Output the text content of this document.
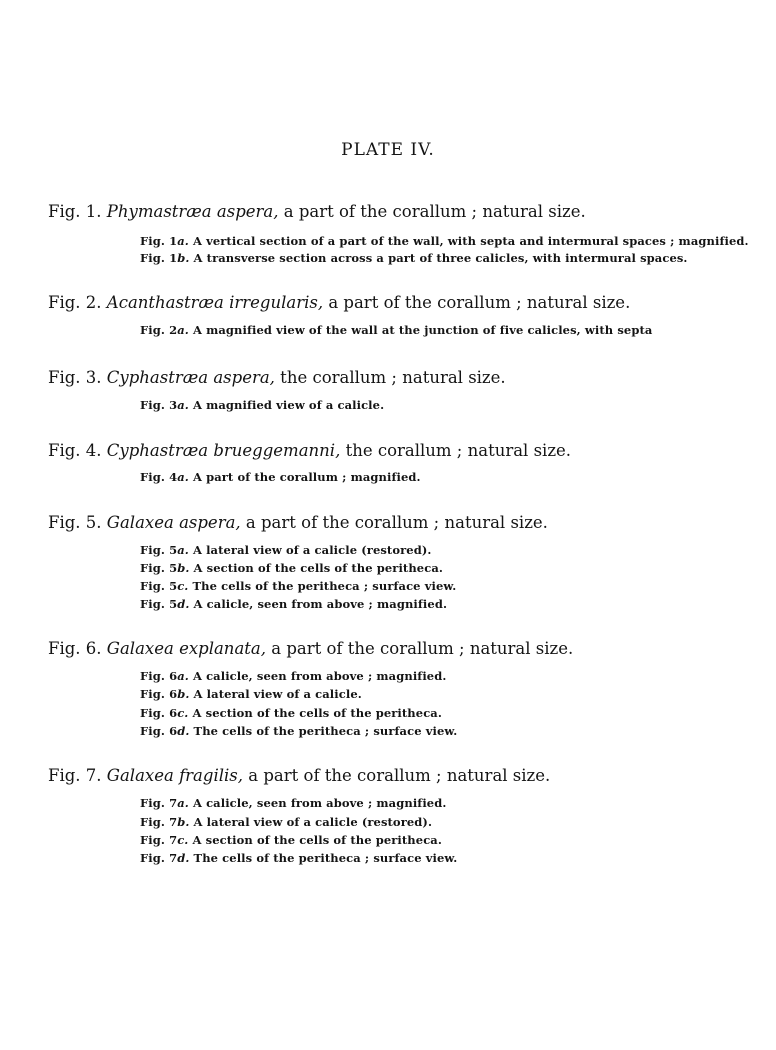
PLATE IV.
Fig. 1. Phymastræa aspera, a part of the corallum ; natural size.
Fig. 1a. A vertical section of a part of the wall, with septa and intermural spaces ; magnified.
Fig. 1b. A transverse section across a part of three calicles, with intermural spaces.
Fig. 2. Acanthastræa irregularis, a part of the corallum ; natural size.
Fig. 2a. A magnified view of the wall at the junction of five calicles, with septa
Fig. 3. Cyphastræa aspera, the corallum ; natural size.
Fig. 3a. A magnified view of a calicle.
Fig. 4. Cyphastræa brueggemanni, the corallum ; natural size.
Fig. 4a. A part of the corallum ; magnified.
Fig. 5. Galaxea aspera, a part of the corallum ; natural size.
Fig. 5a. A lateral view of a calicle (restored).
Fig. 5b. A section of the cells of the peritheca.
Fig. 5c. The cells of the peritheca ; surface view.
Fig. 5d. A calicle, seen from above ; magnified.
Fig. 6. Galaxea explanata, a part of the corallum ; natural size.
Fig. 6a. A calicle, seen from above ; magnified.
Fig. 6b. A lateral view of a calicle.
Fig. 6c. A section of the cells of the peritheca.
Fig. 6d. The cells of the peritheca ; surface view.
Fig. 7. Galaxea fragilis, a part of the corallum ; natural size.
Fig. 7a. A calicle, seen from above ; magnified.
Fig. 7b. A lateral view of a calicle (restored).
Fig. 7c. A section of the cells of the peritheca.
Fig. 7d. The cells of the peritheca ; surface view.
